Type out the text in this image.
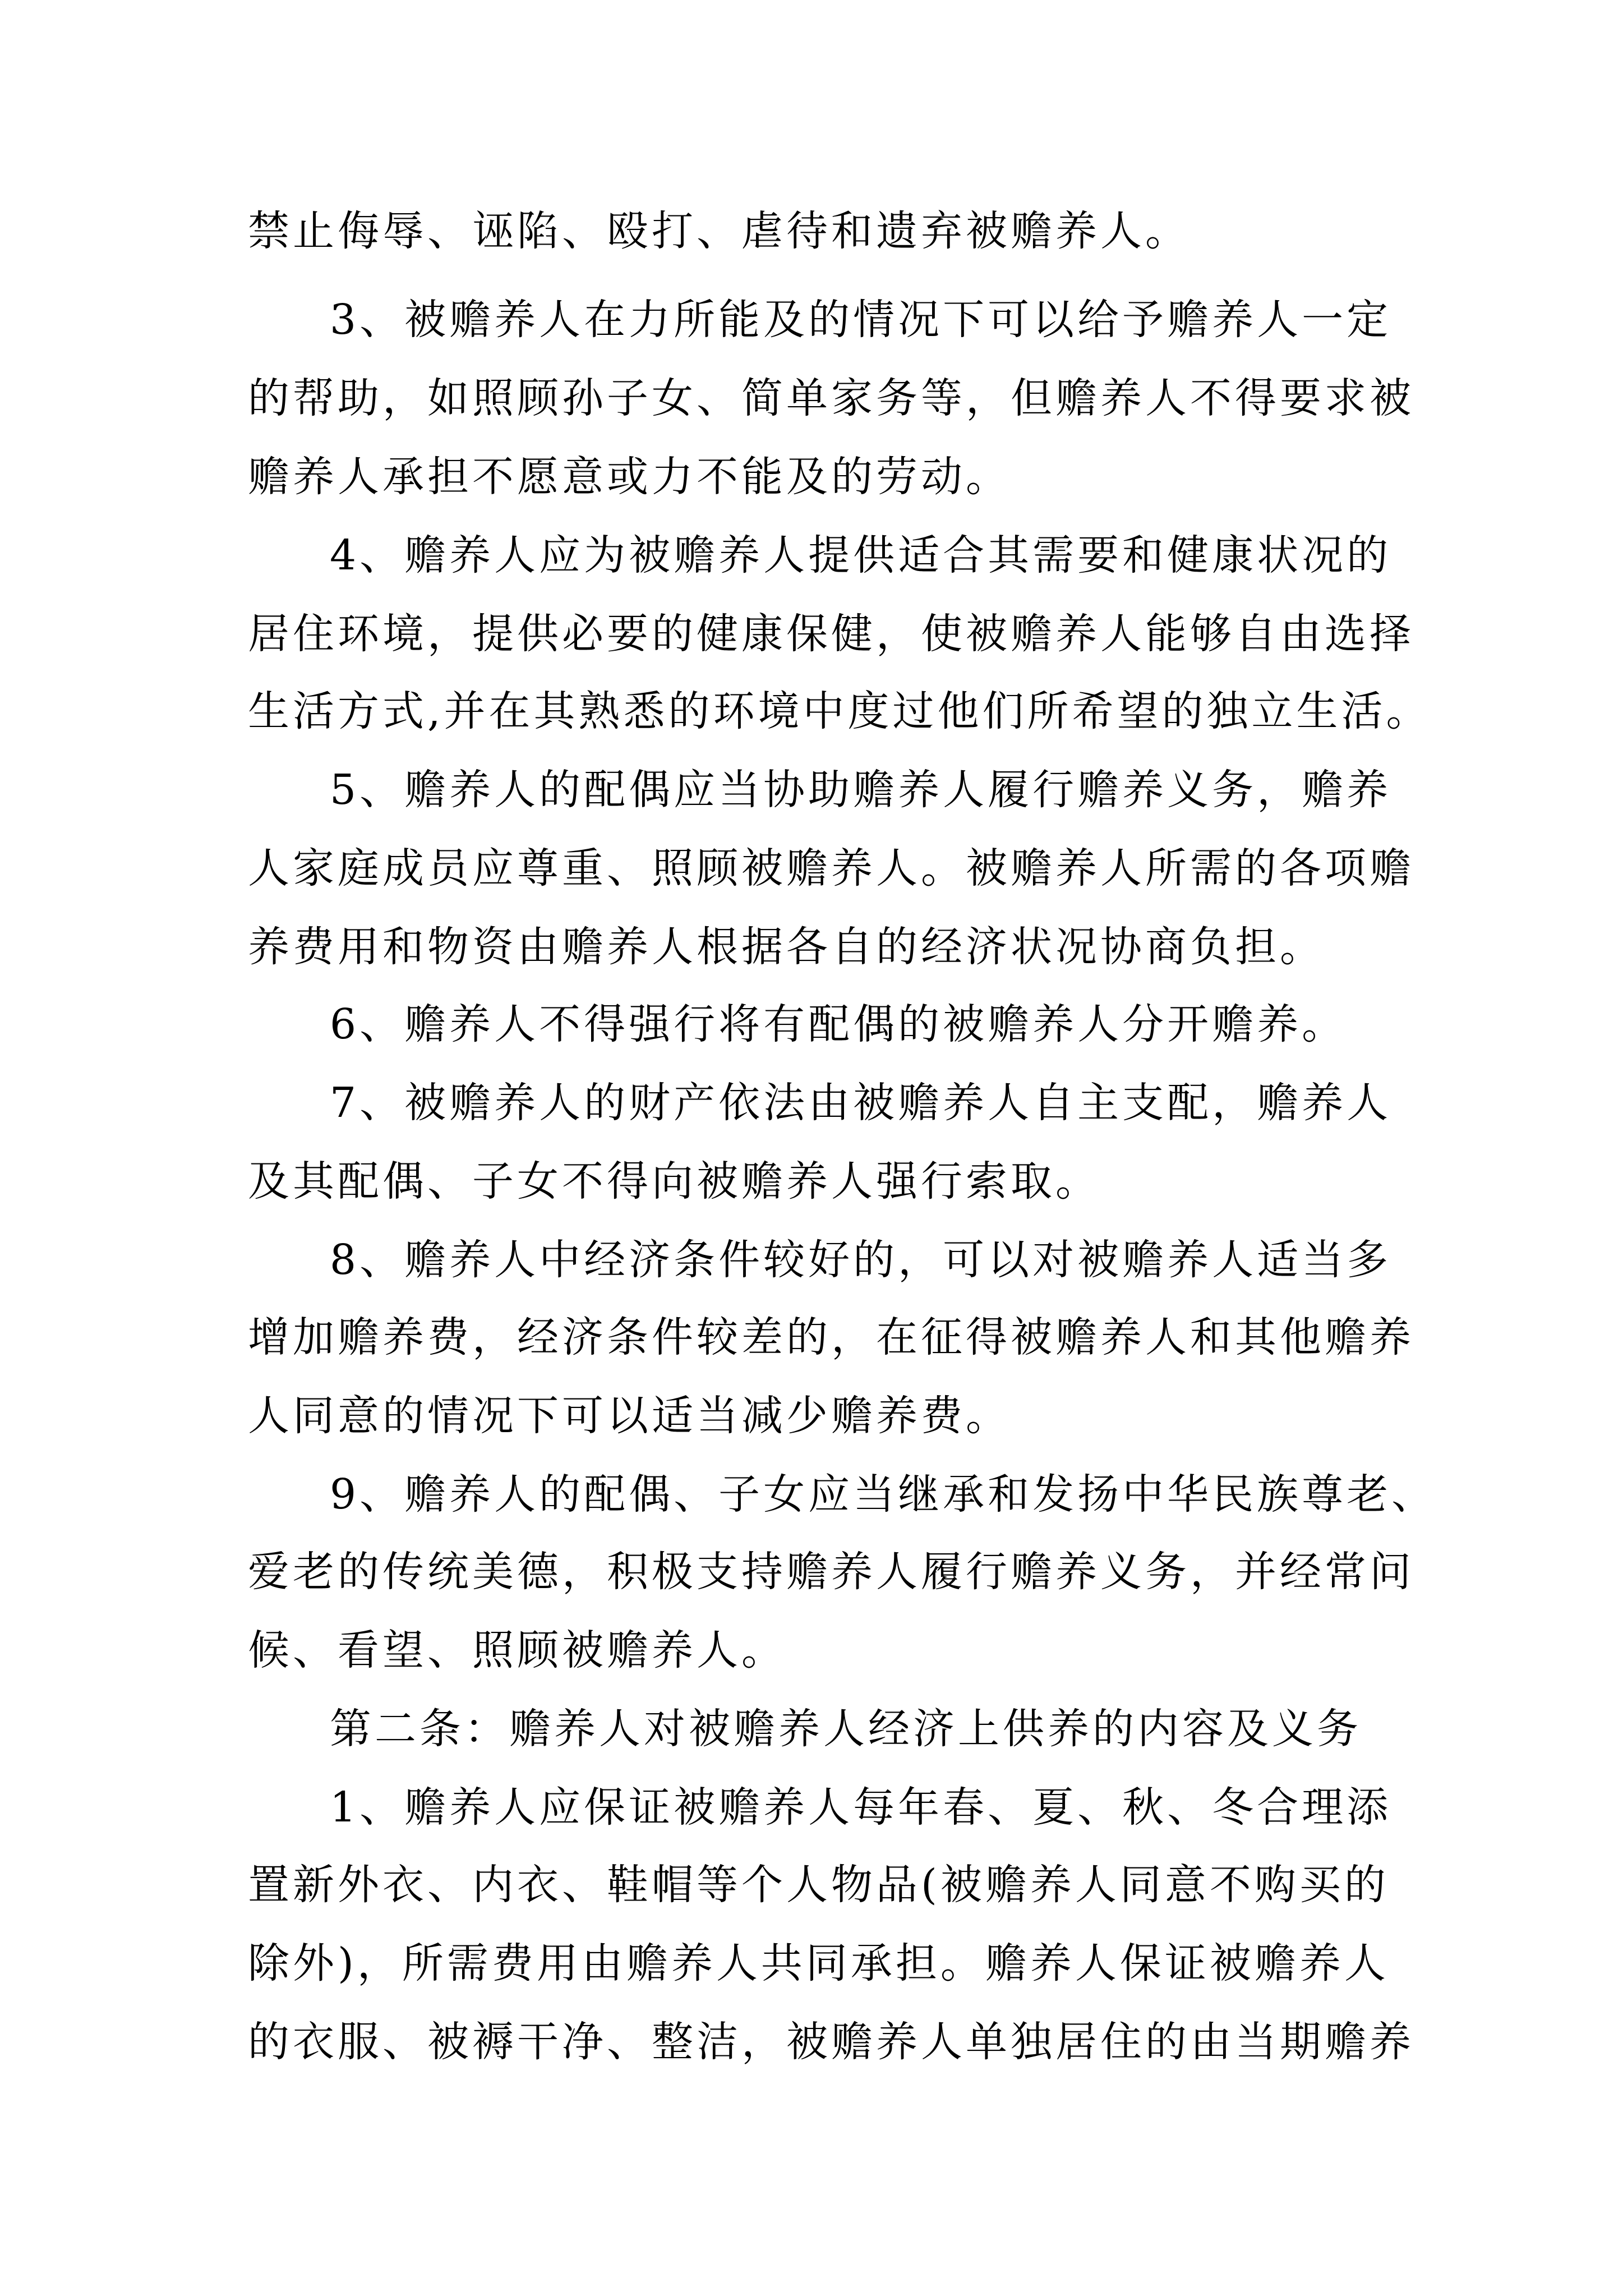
禁止侮辱、诬陷、殴打、虐待和遗弃被赡养人。
3、被赡养人在力所能及的情况下可以给予赡养人一定
的帮助，如照顾孙子女、简单家务等，但赡养人不得要求被
赡养人承担不愿意或力不能及的劳动。
4、赡养人应为被赡养人提供适合其需要和健康状况的
居住环境，提供必要的健康保健，使被赡养人能够自由选择
生活方式,并在其熟悉的环境中度过他们所希望的独立生活。
5、赡养人的配偶应当协助赡养人履行赡养义务，赡养
人家庭成员应尊重、照顾被赡养人。被赡养人所需的各项赡
养费用和物资由赡养人根据各自的经济状况协商负担。
6、赡养人不得强行将有配偶的被赡养人分开赡养。
7、被赡养人的财产依法由被赡养人自主支配，赡养人
及其配偶、子女不得向被赡养人强行索取。
8、赡养人中经济条件较好的，可以对被赡养人适当多
增加赡养费，经济条件较差的，在征得被赡养人和其他赡养
人同意的情况下可以适当减少赡养费。
9、赡养人的配偶、子女应当继承和发扬中华民族尊老、
爱老的传统美德，积极支持赡养人履行赡养义务，并经常问
候、看望、照顾被赡养人。
第二条：赡养人对被赡养人经济上供养的内容及义务
1、赡养人应保证被赡养人每年春、夏、秋、冬合理添
置新外衣、内衣、鞋帽等个人物品(被赡养人同意不购买的
除外)，所需费用由赡养人共同承担。赡养人保证被赡养人
的衣服、被褥干净、整洁，被赡养人单独居住的由当期赡养
